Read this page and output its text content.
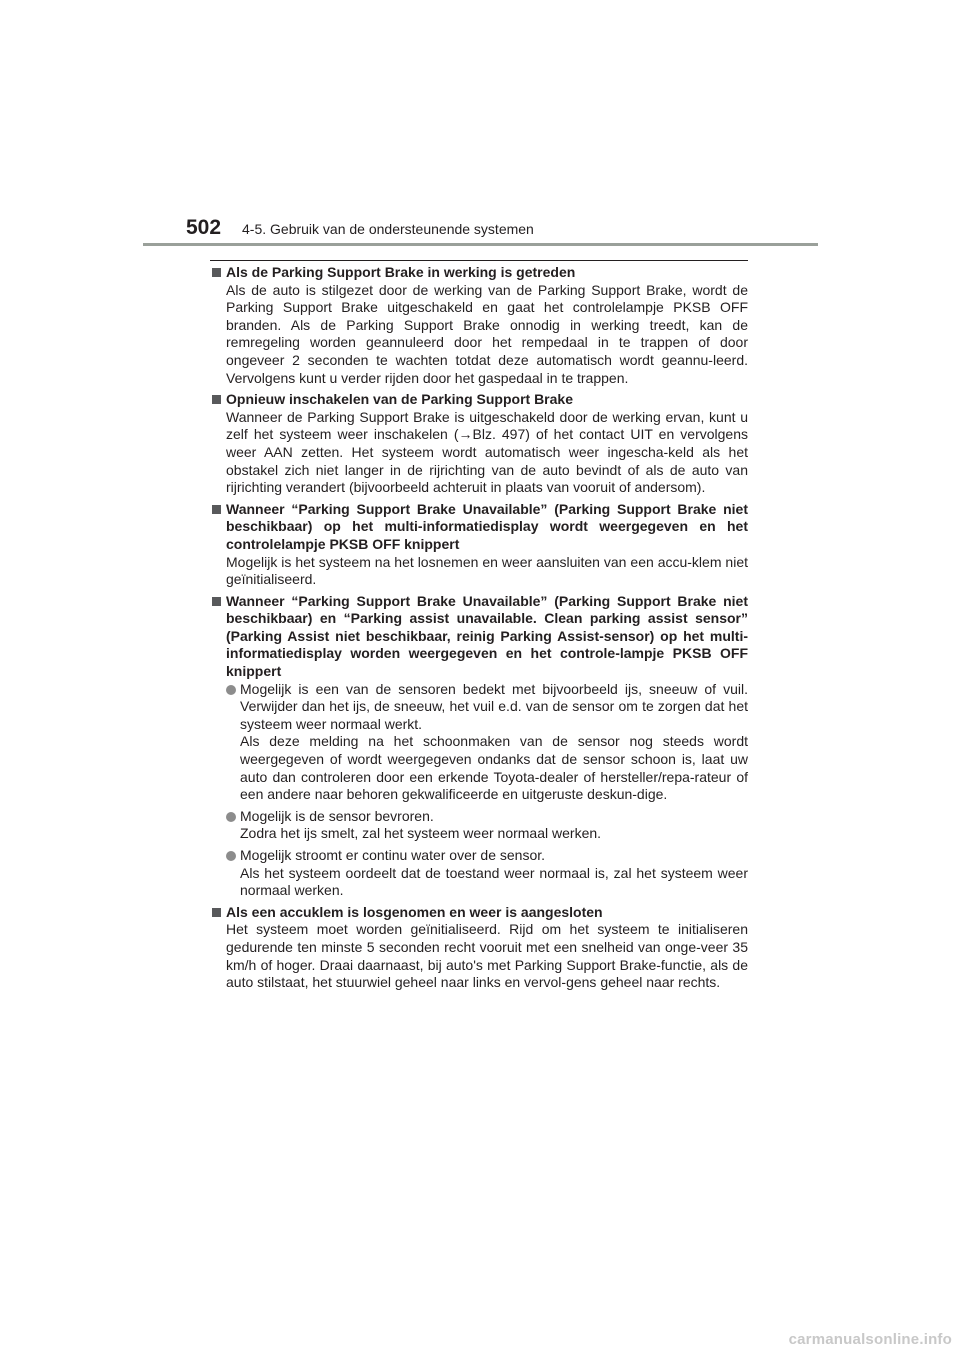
502 4-5. Gebruik van de ondersteunende systemen
Als de Parking Support Brake in werking is getreden
Als de auto is stilgezet door de werking van de Parking Support Brake, wordt de Parking Support Brake uitgeschakeld en gaat het controlelampje PKSB OFF branden. Als de Parking Support Brake onnodig in werking treedt, kan de remregeling worden geannuleerd door het rempedaal in te trappen of door ongeveer 2 seconden te wachten totdat deze automatisch wordt geannu-leerd. Vervolgens kunt u verder rijden door het gaspedaal in te trappen.
Opnieuw inschakelen van de Parking Support Brake
Wanneer de Parking Support Brake is uitgeschakeld door de werking ervan, kunt u zelf het systeem weer inschakelen (→Blz. 497) of het contact UIT en vervolgens weer AAN zetten. Het systeem wordt automatisch weer ingescha-keld als het obstakel zich niet langer in de rijrichting van de auto bevindt of als de auto van rijrichting verandert (bijvoorbeeld achteruit in plaats van vooruit of andersom).
Wanneer “Parking Support Brake Unavailable” (Parking Support Brake niet beschikbaar) op het multi-informatiedisplay wordt weergegeven en het controlelampje PKSB OFF knippert
Mogelijk is het systeem na het losnemen en weer aansluiten van een accu-klem niet geïnitialiseerd.
Wanneer “Parking Support Brake Unavailable” (Parking Support Brake niet beschikbaar) en “Parking assist unavailable. Clean parking assist sensor” (Parking Assist niet beschikbaar, reinig Parking Assist-sensor) op het multi-informatiedisplay worden weergegeven en het controle-lampje PKSB OFF knippert
Mogelijk is een van de sensoren bedekt met bijvoorbeeld ijs, sneeuw of vuil. Verwijder dan het ijs, de sneeuw, het vuil e.d. van de sensor om te zorgen dat het systeem weer normaal werkt.
Als deze melding na het schoonmaken van de sensor nog steeds wordt weergegeven of wordt weergegeven ondanks dat de sensor schoon is, laat uw auto dan controleren door een erkende Toyota-dealer of hersteller/repa-rateur of een andere naar behoren gekwalificeerde en uitgeruste deskun-dige.
Mogelijk is de sensor bevroren.
Zodra het ijs smelt, zal het systeem weer normaal werken.
Mogelijk stroomt er continu water over de sensor.
Als het systeem oordeelt dat de toestand weer normaal is, zal het systeem weer normaal werken.
Als een accuklem is losgenomen en weer is aangesloten
Het systeem moet worden geïnitialiseerd. Rijd om het systeem te initialiseren gedurende ten minste 5 seconden recht vooruit met een snelheid van onge-veer 35 km/h of hoger. Draai daarnaast, bij auto's met Parking Support Brake-functie, als de auto stilstaat, het stuurwiel geheel naar links en vervol-gens geheel naar rechts.
carmanualsonline.info
